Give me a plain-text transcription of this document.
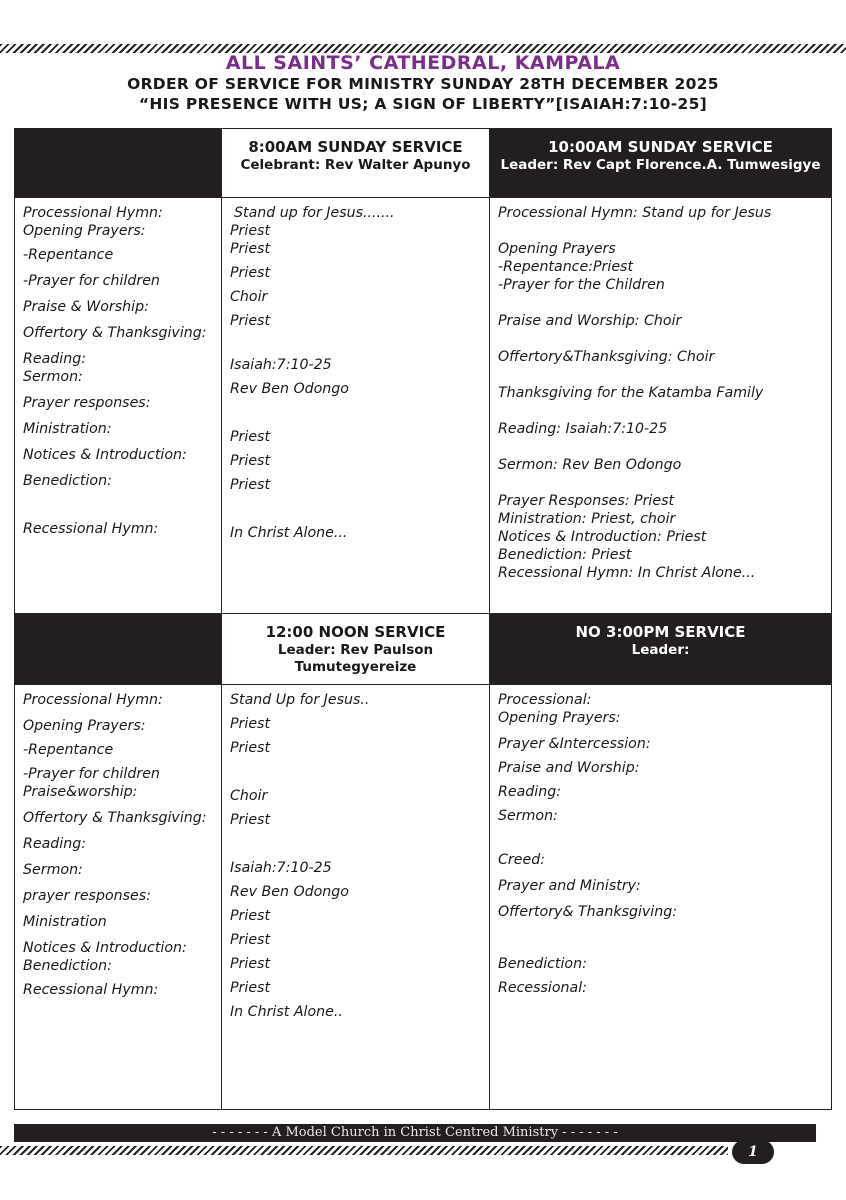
ALL SAINTS’ CATHEDRAL, KAMPALA
ORDER OF SERVICE FOR MINISTRY SUNDAY 28TH DECEMBER 2025
“HIS PRESENCE WITH US; A SIGN OF LIBERTY”[ISAIAH:7:10-25]
8:00AM SUNDAY SERVICE
Celebrant: Rev Walter Apunyo
10:00AM SUNDAY SERVICE
Leader: Rev Capt Florence.A. Tumwesigye
Processional Hymn:
Opening Prayers:
-Repentance
-Prayer for children
Praise & Worship:
Offertory & Thanksgiving:
Reading:
Sermon:
Prayer responses:
Ministration:
Notices & Introduction:
Benediction:
Recessional Hymn:
Stand up for Jesus.......
Priest
Priest
Priest
Choir
Priest
Isaiah:7:10-25
Rev Ben Odongo
Priest
Priest
Priest
In Christ Alone...
Processional Hymn: Stand up for Jesus
Opening Prayers
-Repentance:Priest
-Prayer for the Children
Praise and Worship: Choir
Offertory&Thanksgiving: Choir
Thanksgiving for the Katamba Family
Reading: Isaiah:7:10-25
Sermon: Rev Ben Odongo
Prayer Responses: Priest
Ministration: Priest, choir
Notices & Introduction: Priest
Benediction: Priest
Recessional Hymn: In Christ Alone...
12:00 NOON SERVICE
Leader: Rev Paulson
Tumutegyereize
NO 3:00PM SERVICE
Leader:
Processional Hymn:
Opening Prayers:
-Repentance
-Prayer for children
Praise&worship:
Offertory & Thanksgiving:
Reading:
Sermon:
prayer responses:
Ministration
Notices & Introduction:
Benediction:
Recessional Hymn:
Stand Up for Jesus..
Priest
Priest
Choir
Priest
Isaiah:7:10-25
Rev Ben Odongo
Priest
Priest
Priest
Priest
In Christ Alone..
Processional:
Opening Prayers:
Prayer &Intercession:
Praise and Worship:
Reading:
Sermon:
Creed:
Prayer and Ministry:
Offertory& Thanksgiving:
Benediction:
Recessional:
- - - - - - - A Model Church in Christ Centred Ministry - - - - - - -
1
